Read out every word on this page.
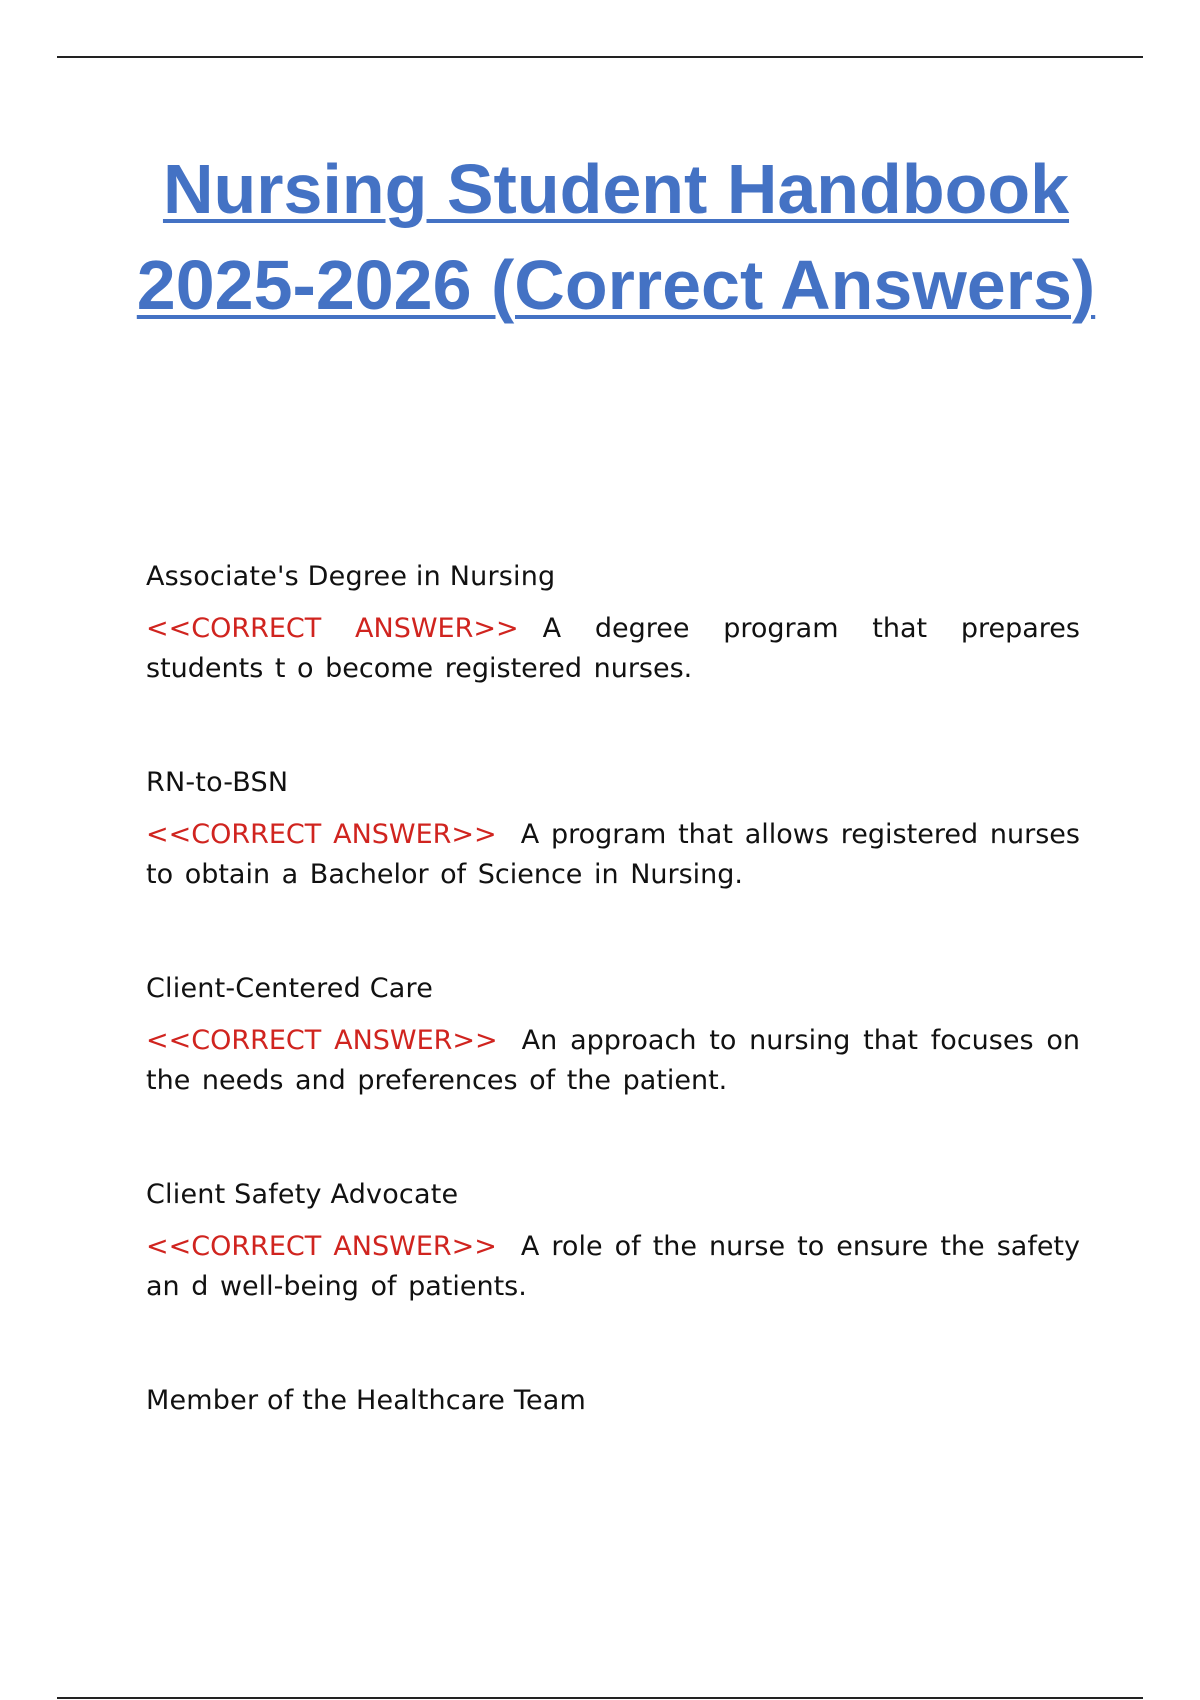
Nursing Student Handbook 2025-2026 (Correct Answers)

Associate's Degree in Nursing

<<CORRECT ANSWER>> A degree program that prepares students t o become registered nurses.

RN-to-BSN

<<CORRECT ANSWER>> A program that allows registered nurses to obtain a Bachelor of Science in Nursing.

Client-Centered Care

<<CORRECT ANSWER>> An approach to nursing that focuses on the needs and preferences of the patient.

Client Safety Advocate

<<CORRECT ANSWER>> A role of the nurse to ensure the safety an d well-being of patients.

Member of the Healthcare Team
